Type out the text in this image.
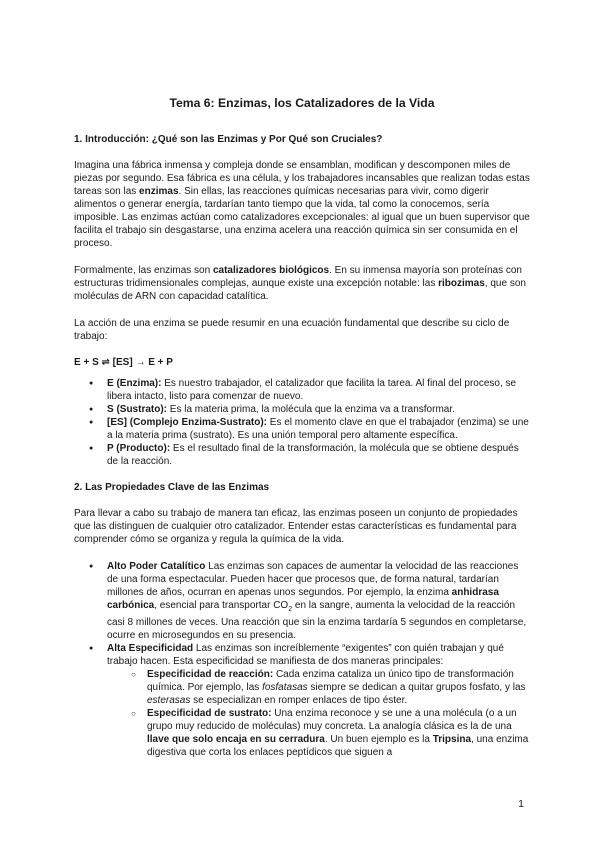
Tema 6: Enzimas, los Catalizadores de la Vida
1. Introducción: ¿Qué son las Enzimas y Por Qué son Cruciales?

Imagina una fábrica inmensa y compleja donde se ensamblan, modifican y descomponen miles de piezas por segundo. Esa fábrica es una célula, y los trabajadores incansables que realizan todas estas tareas son las enzimas. Sin ellas, las reacciones químicas necesarias para vivir, como digerir alimentos o generar energía, tardarían tanto tiempo que la vida, tal como la conocemos, sería imposible. Las enzimas actúan como catalizadores excepcionales: al igual que un buen supervisor que facilita el trabajo sin desgastarse, una enzima acelera una reacción química sin ser consumida en el proceso.

Formalmente, las enzimas son catalizadores biológicos. En su inmensa mayoría son proteínas con estructuras tridimensionales complejas, aunque existe una excepción notable: las ribozimas, que son moléculas de ARN con capacidad catalítica.

La acción de una enzima se puede resumir en una ecuación fundamental que describe su ciclo de trabajo:

E + S ⇌ [ES] → E + P
● E (Enzima): Es nuestro trabajador, el catalizador que facilita la tarea. Al final del proceso, se libera intacto, listo para comenzar de nuevo.
● S (Sustrato): Es la materia prima, la molécula que la enzima va a transformar.
● [ES] (Complejo Enzima-Sustrato): Es el momento clave en que el trabajador (enzima) se une a la materia prima (sustrato). Es una unión temporal pero altamente específica.
● P (Producto): Es el resultado final de la transformación, la molécula que se obtiene después de la reacción.
2. Las Propiedades Clave de las Enzimas

Para llevar a cabo su trabajo de manera tan eficaz, las enzimas poseen un conjunto de propiedades que las distinguen de cualquier otro catalizador. Entender estas características es fundamental para comprender cómo se organiza y regula la química de la vida.

● Alto Poder Catalítico Las enzimas son capaces de aumentar la velocidad de las reacciones de una forma espectacular. Pueden hacer que procesos que, de forma natural, tardarían millones de años, ocurran en apenas unos segundos. Por ejemplo, la enzima anhidrasa carbónica, esencial para transportar $CO_2$ en la sangre, aumenta la velocidad de la reacción casi 8 millones de veces. Una reacción que sin la enzima tardaría 5 segundos en completarse, ocurre en microsegundos en su presencia.
● Alta Especificidad Las enzimas son increíblemente “exigentes” con quién trabajan y qué trabajo hacen. Esta especificidad se manifiesta de dos maneras principales:
○ Especificidad de reacción: Cada enzima cataliza un único tipo de transformación química. Por ejemplo, las fosfatasas siempre se dedican a quitar grupos fosfato, y las esterasas se especializan en romper enlaces de tipo éster.
○ Especificidad de sustrato: Una enzima reconoce y se une a una molécula (o a un grupo muy reducido de moléculas) muy concreta. La analogía clásica es la de una llave que solo encaja en su cerradura. Un buen ejemplo es la Tripsina, una enzima digestiva que corta los enlaces peptídicos que siguen a
1
